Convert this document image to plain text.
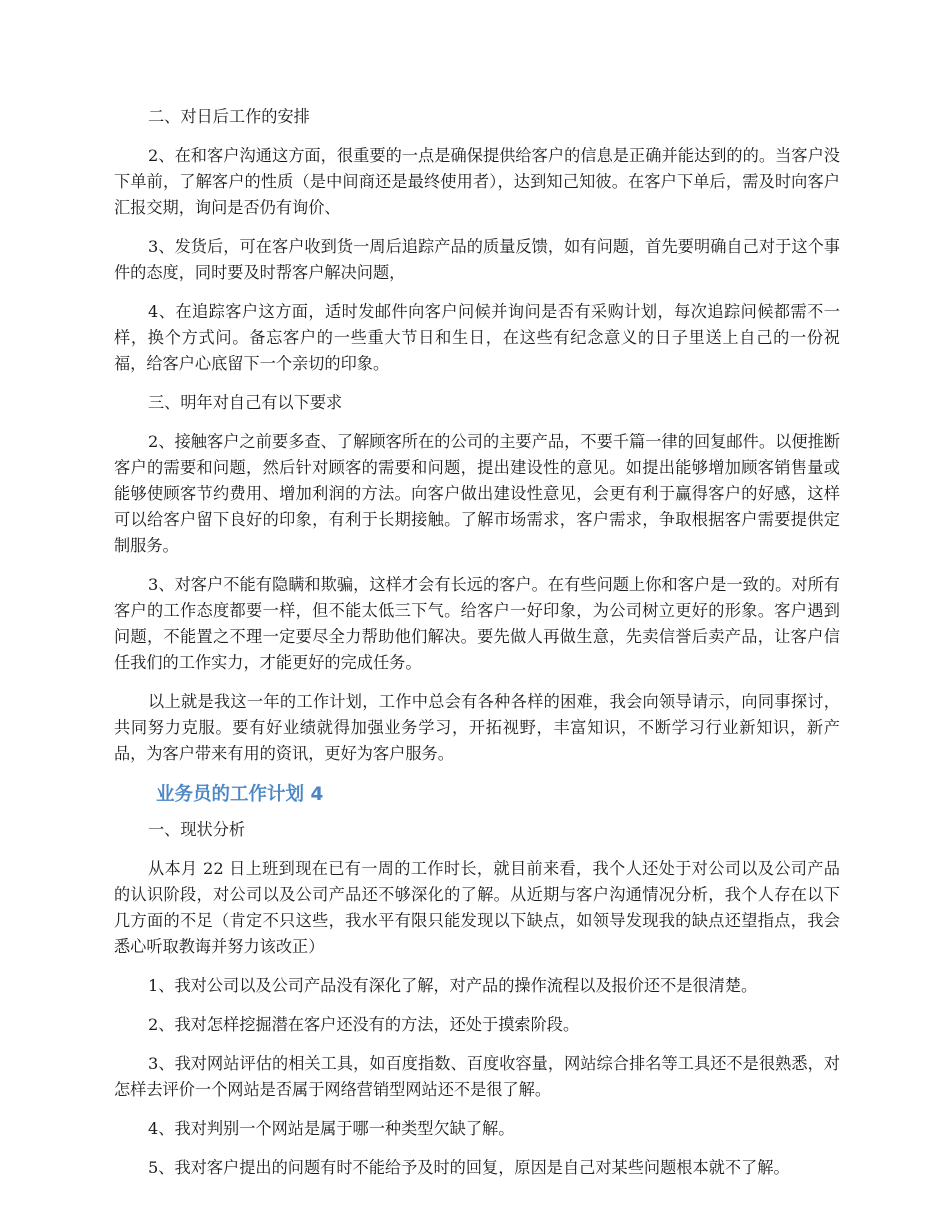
二、对日后工作的安排

2、在和客户沟通这方面，很重要的一点是确保提供给客户的信息是正确并能达到的的。当客户没下单前，了解客户的性质（是中间商还是最终使用者），达到知己知彼。在客户下单后，需及时向客户汇报交期，询问是否仍有询价、

3、发货后，可在客户收到货一周后追踪产品的质量反馈，如有问题，首先要明确自己对于这个事件的态度，同时要及时帮客户解决问题，

4、在追踪客户这方面，适时发邮件向客户问候并询问是否有采购计划，每次追踪问候都需不一样，换个方式问。备忘客户的一些重大节日和生日，在这些有纪念意义的日子里送上自己的一份祝福，给客户心底留下一个亲切的印象。

三、明年对自己有以下要求

2、接触客户之前要多查、了解顾客所在的公司的主要产品，不要千篇一律的回复邮件。以便推断客户的需要和问题，然后针对顾客的需要和问题，提出建设性的意见。如提出能够增加顾客销售量或能够使顾客节约费用、增加利润的方法。向客户做出建设性意见，会更有利于赢得客户的好感，这样可以给客户留下良好的印象，有利于长期接触。了解市场需求，客户需求，争取根据客户需要提供定制服务。

3、对客户不能有隐瞒和欺骗，这样才会有长远的客户。在有些问题上你和客户是一致的。对所有客户的工作态度都要一样，但不能太低三下气。给客户一好印象，为公司树立更好的形象。客户遇到问题，不能置之不理一定要尽全力帮助他们解决。要先做人再做生意，先卖信誉后卖产品，让客户信任我们的工作实力，才能更好的完成任务。

以上就是我这一年的工作计划，工作中总会有各种各样的困难，我会向领导请示，向同事探讨，共同努力克服。要有好业绩就得加强业务学习，开拓视野，丰富知识，不断学习行业新知识，新产品，为客户带来有用的资讯，更好为客户服务。

业务员的工作计划 4

一、现状分析

从本月 22 日上班到现在已有一周的工作时长，就目前来看，我个人还处于对公司以及公司产品的认识阶段，对公司以及公司产品还不够深化的了解。从近期与客户沟通情况分析，我个人存在以下几方面的不足（肯定不只这些，我水平有限只能发现以下缺点，如领导发现我的缺点还望指点，我会悉心听取教诲并努力该改正）

1、我对公司以及公司产品没有深化了解，对产品的操作流程以及报价还不是很清楚。

2、我对怎样挖掘潜在客户还没有的方法，还处于摸索阶段。

3、我对网站评估的相关工具，如百度指数、百度收容量，网站综合排名等工具还不是很熟悉，对怎样去评价一个网站是否属于网络营销型网站还不是很了解。

4、我对判别一个网站是属于哪一种类型欠缺了解。

5、我对客户提出的问题有时不能给予及时的回复，原因是自己对某些问题根本就不了解。
